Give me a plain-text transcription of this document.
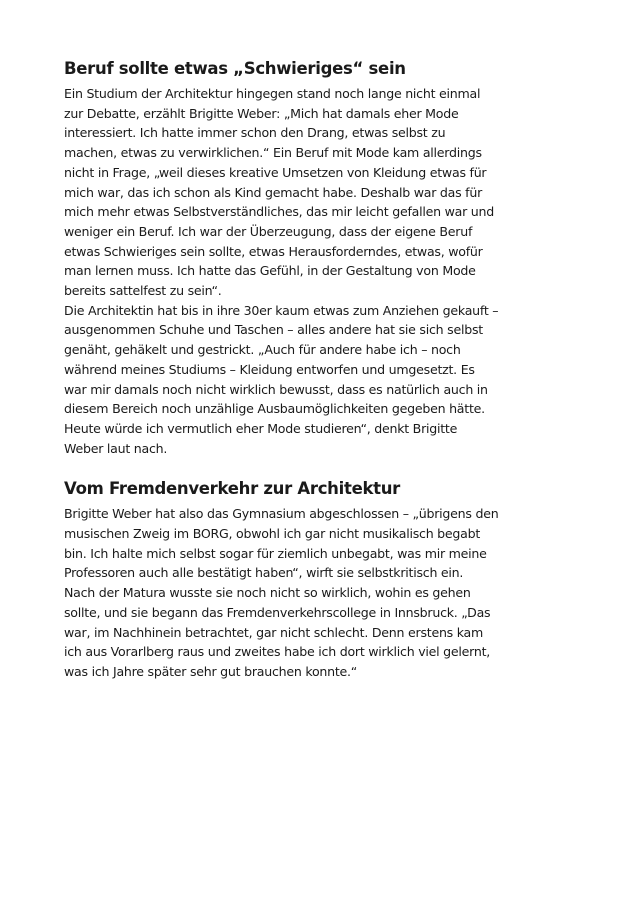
Beruf sollte etwas „Schwieriges“ sein
Ein Studium der Architektur hingegen stand noch lange nicht einmal
zur Debatte, erzählt Brigitte Weber: „Mich hat damals eher Mode
interessiert. Ich hatte immer schon den Drang, etwas selbst zu
machen, etwas zu verwirklichen.“ Ein Beruf mit Mode kam allerdings
nicht in Frage, „weil dieses kreative Umsetzen von Kleidung etwas für
mich war, das ich schon als Kind gemacht habe. Deshalb war das für
mich mehr etwas Selbstverständliches, das mir leicht gefallen war und
weniger ein Beruf. Ich war der Überzeugung, dass der eigene Beruf
etwas Schwieriges sein sollte, etwas Herausforderndes, etwas, wofür
man lernen muss. Ich hatte das Gefühl, in der Gestaltung von Mode
bereits sattelfest zu sein“.
Die Architektin hat bis in ihre 30er kaum etwas zum Anziehen gekauft –
ausgenommen Schuhe und Taschen – alles andere hat sie sich selbst
genäht, gehäkelt und gestrickt. „Auch für andere habe ich – noch
während meines Studiums – Kleidung entworfen und umgesetzt. Es
war mir damals noch nicht wirklich bewusst, dass es natürlich auch in
diesem Bereich noch unzählige Ausbaumöglichkeiten gegeben hätte.
Heute würde ich vermutlich eher Mode studieren“, denkt Brigitte
Weber laut nach.
Vom Fremdenverkehr zur Architektur
Brigitte Weber hat also das Gymnasium abgeschlossen – „übrigens den
musischen Zweig im BORG, obwohl ich gar nicht musikalisch begabt
bin. Ich halte mich selbst sogar für ziemlich unbegabt, was mir meine
Professoren auch alle bestätigt haben“, wirft sie selbstkritisch ein.
Nach der Matura wusste sie noch nicht so wirklich, wohin es gehen
sollte, und sie begann das Fremdenverkehrscollege in Innsbruck. „Das
war, im Nachhinein betrachtet, gar nicht schlecht. Denn erstens kam
ich aus Vorarlberg raus und zweites habe ich dort wirklich viel gelernt,
was ich Jahre später sehr gut brauchen konnte.“
